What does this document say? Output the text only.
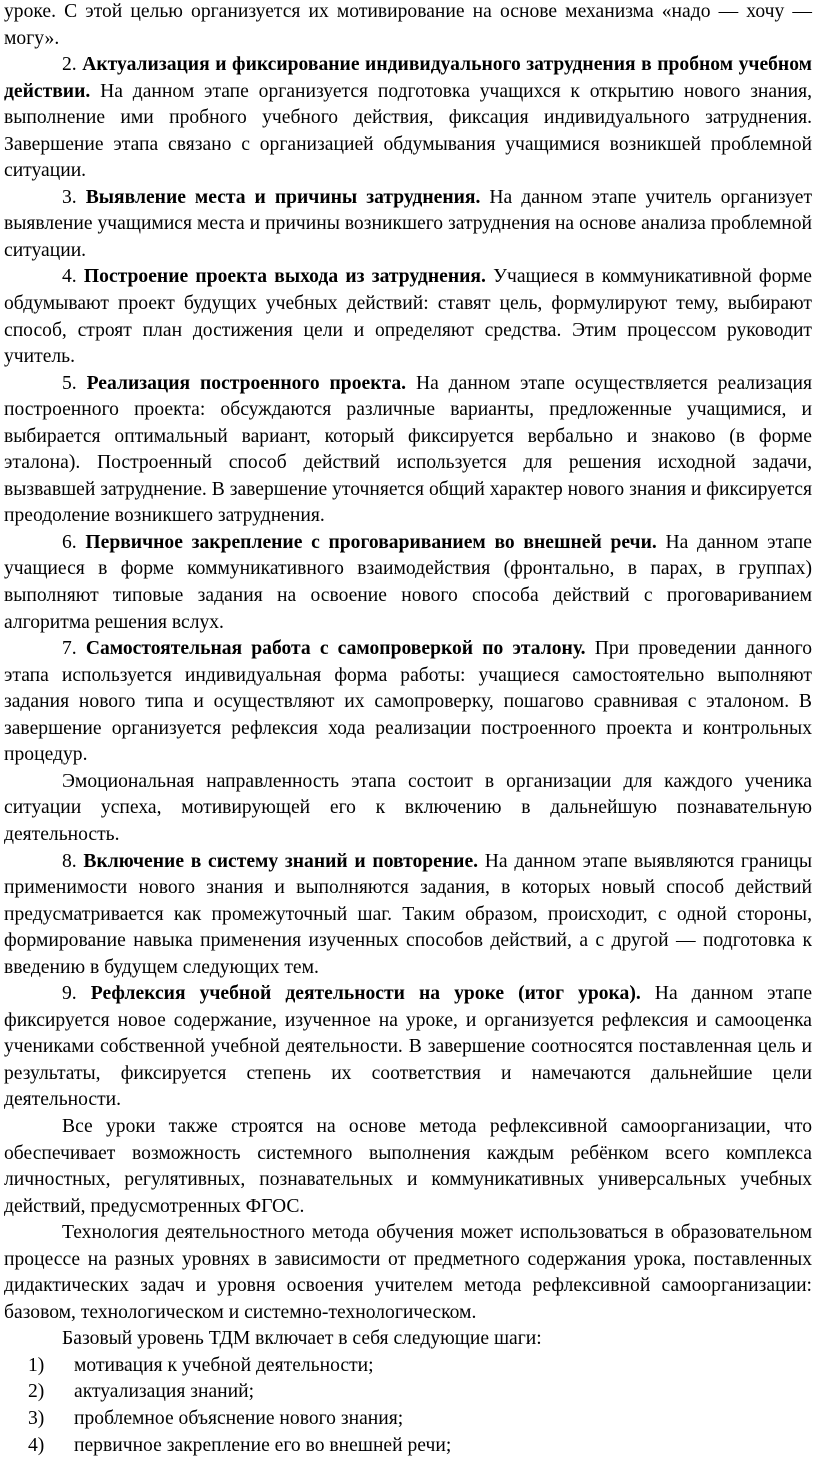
уроке. С этой целью организуется их мотивирование на основе механизма «надо — хочу — могу».

2. Актуализация и фиксирование индивидуального затруднения в пробном учебном действии. На данном этапе организуется подготовка учащихся к открытию нового знания, выполнение ими пробного учебного действия, фиксация индивидуального затруднения. Завершение этапа связано с организацией обдумывания учащимися возникшей проблемной ситуации.

3. Выявление места и причины затруднения. На данном этапе учитель организует выявление учащимися места и причины возникшего затруднения на основе анализа проблемной ситуации.

4. Построение проекта выхода из затруднения. Учащиеся в коммуникативной форме обдумывают проект будущих учебных действий: ставят цель, формулируют тему, выбирают способ, строят план достижения цели и определяют средства. Этим процессом руководит учитель.

5. Реализация построенного проекта. На данном этапе осуществляется реализация построенного проекта: обсуждаются различные варианты, предложенные учащимися, и выбирается оптимальный вариант, который фиксируется вербально и знаково (в форме эталона). Построенный способ действий используется для решения исходной задачи, вызвавшей затруднение. В завершение уточняется общий характер нового знания и фиксируется преодоление возникшего затруднения.

6. Первичное закрепление с проговариванием во внешней речи. На данном этапе учащиеся в форме коммуникативного взаимодействия (фронтально, в парах, в группах) выполняют типовые задания на освоение нового способа действий с проговариванием алгоритма решения вслух.

7. Самостоятельная работа с самопроверкой по эталону. При проведении данного этапа используется индивидуальная форма работы: учащиеся самостоятельно выполняют задания нового типа и осуществляют их самопроверку, пошагово сравнивая с эталоном. В завершение организуется рефлексия хода реализации построенного проекта и контрольных процедур.

Эмоциональная направленность этапа состоит в организации для каждого ученика ситуации успеха, мотивирующей его к включению в дальнейшую познавательную деятельность.

8. Включение в систему знаний и повторение. На данном этапе выявляются границы применимости нового знания и выполняются задания, в которых новый способ действий предусматривается как промежуточный шаг. Таким образом, происходит, с одной стороны, формирование навыка применения изученных способов действий, а с другой — подготовка к введению в будущем следующих тем.

9. Рефлексия учебной деятельности на уроке (итог урока). На данном этапе фиксируется новое содержание, изученное на уроке, и организуется рефлексия и самооценка учениками собственной учебной деятельности. В завершение соотносятся поставленная цель и результаты, фиксируется степень их соответствия и намечаются дальнейшие цели деятельности.

Все уроки также строятся на основе метода рефлексивной самоорганизации, что обеспечивает возможность системного выполнения каждым ребёнком всего комплекса личностных, регулятивных, познавательных и коммуникативных универсальных учебных действий, предусмотренных ФГОС.

Технология деятельностного метода обучения может использоваться в образовательном процессе на разных уровнях в зависимости от предметного содержания урока, поставленных дидактических задач и уровня освоения учителем метода рефлексивной самоорганизации: базовом, технологическом и системно-технологическом.

Базовый уровень ТДМ включает в себя следующие шаги:

1)	мотивация к учебной деятельности;
2)	актуализация знаний;
3)	проблемное объяснение нового знания;
4)	первичное закрепление его во внешней речи;
